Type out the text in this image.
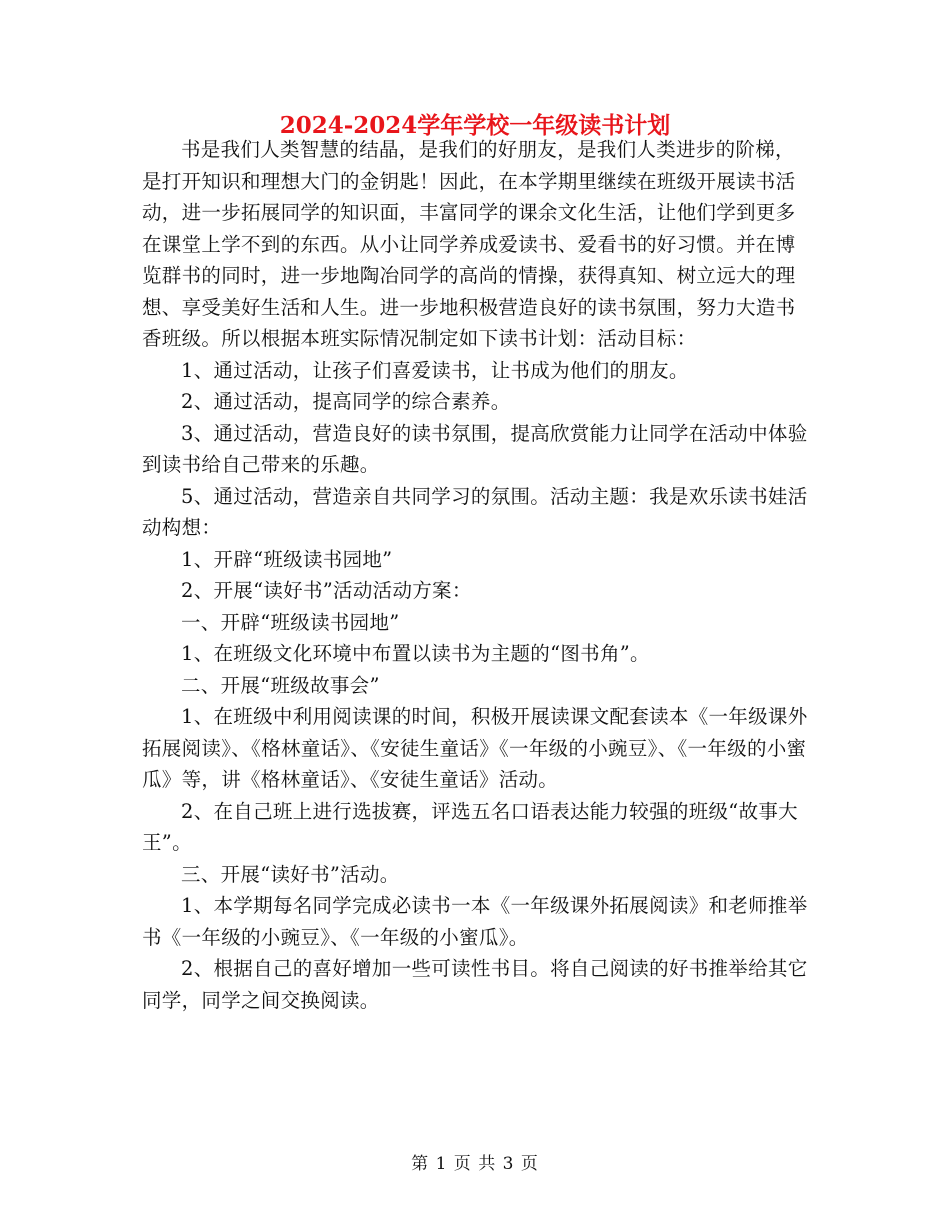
2024-2024学年学校一年级读书计划

书是我们人类智慧的结晶，是我们的好朋友，是我们人类进步的阶梯，是打开知识和理想大门的金钥匙！因此，在本学期里继续在班级开展读书活动，进一步拓展同学的知识面，丰富同学的课余文化生活，让他们学到更多在课堂上学不到的东西。从小让同学养成爱读书、爱看书的好习惯。并在博览群书的同时，进一步地陶冶同学的高尚的情操，获得真知、树立远大的理想、享受美好生活和人生。进一步地积极营造良好的读书氛围，努力大造书香班级。所以根据本班实际情况制定如下读书计划：活动目标：

1、通过活动，让孩子们喜爱读书，让书成为他们的朋友。

2、通过活动，提高同学的综合素养。

3、通过活动，营造良好的读书氛围，提高欣赏能力让同学在活动中体验到读书给自己带来的乐趣。

5、通过活动，营造亲自共同学习的氛围。活动主题：我是欢乐读书娃活动构想：

1、开辟“班级读书园地”

2、开展“读好书”活动活动方案：

一、开辟“班级读书园地”

1、在班级文化环境中布置以读书为主题的“图书角”。

二、开展“班级故事会”

1、在班级中利用阅读课的时间，积极开展读课文配套读本《一年级课外拓展阅读》、《格林童话》、《安徒生童话》《一年级的小豌豆》、《一年级的小蜜瓜》等，讲《格林童话》、《安徒生童话》活动。

2、在自己班上进行选拔赛，评选五名口语表达能力较强的班级“故事大王”。

三、开展“读好书”活动。

1、本学期每名同学完成必读书一本《一年级课外拓展阅读》和老师推举书《一年级的小豌豆》、《一年级的小蜜瓜》。

2、根据自己的喜好增加一些可读性书目。将自己阅读的好书推举给其它同学，同学之间交换阅读。

第 1 页 共 3 页
